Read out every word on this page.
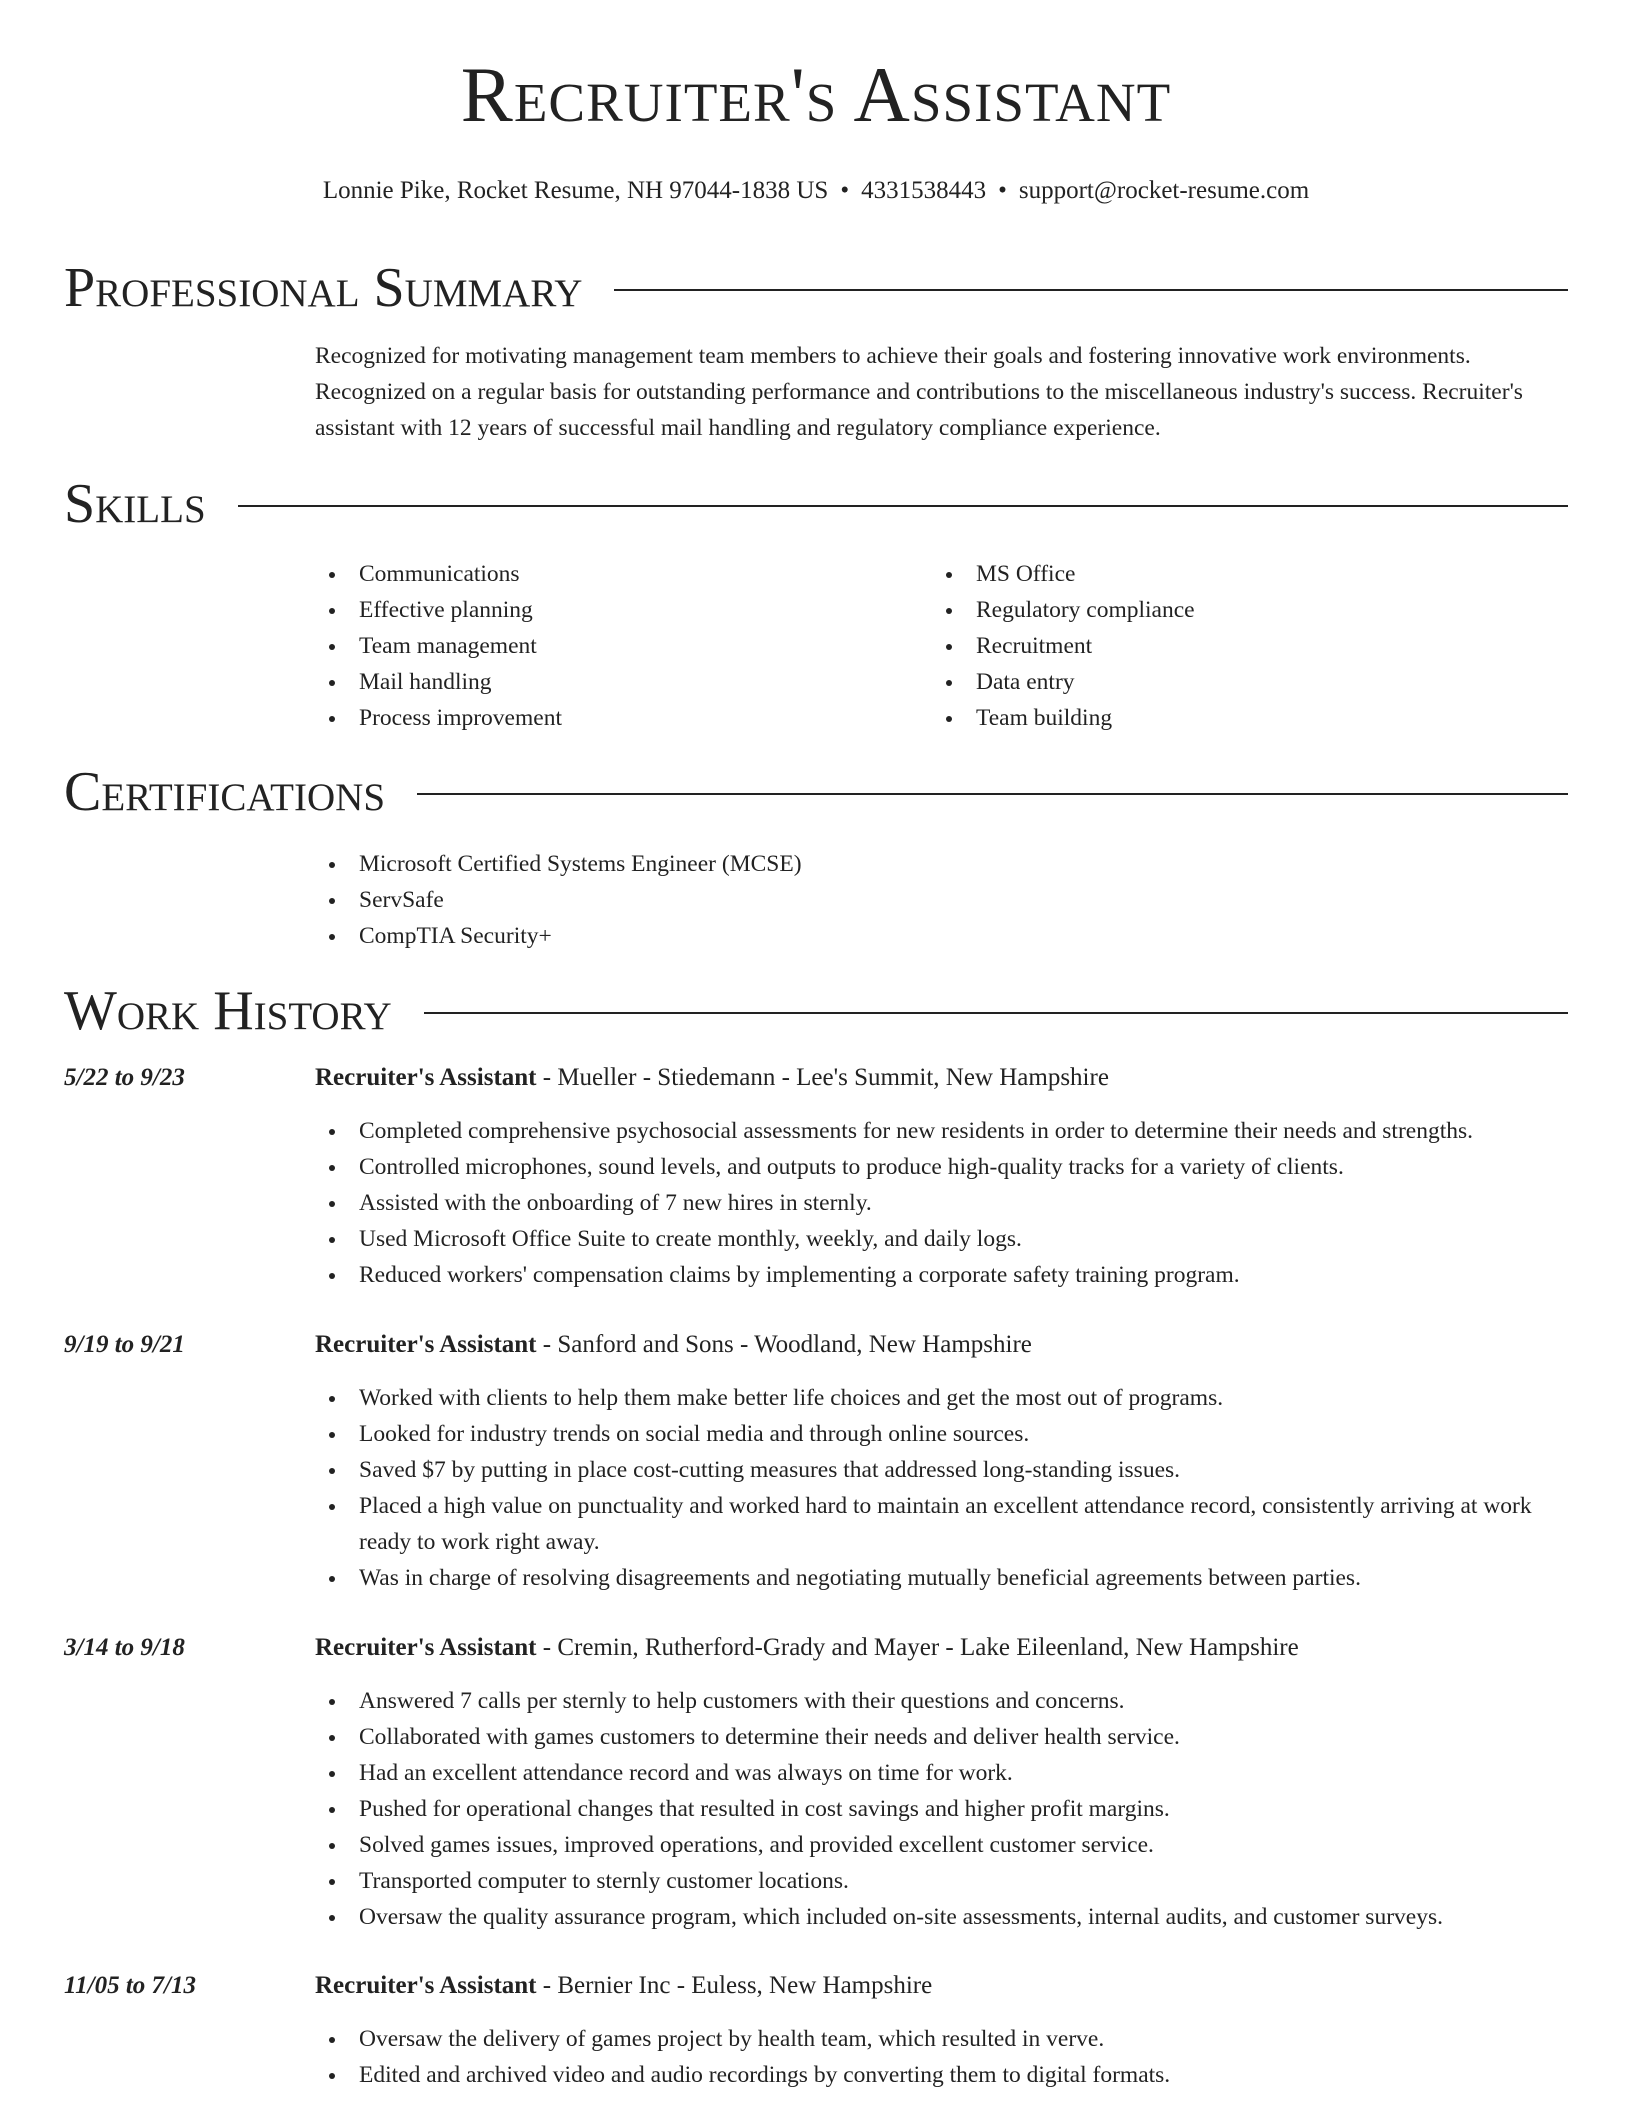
Recruiter's Assistant
Lonnie Pike, Rocket Resume, NH 97044-1838 US • 4331538443 • support@rocket-resume.com
Professional Summary

Recognized for motivating management team members to achieve their goals and fostering innovative work environments. Recognized on a regular basis for outstanding performance and contributions to the miscellaneous industry's success. Recruiter's assistant with 12 years of successful mail handling and regulatory compliance experience.

Skills
Communications
Effective planning
Team management
Mail handling
Process improvement
MS Office
Regulatory compliance
Recruitment
Data entry
Team building
Certifications
Microsoft Certified Systems Engineer (MCSE)
ServSafe
CompTIA Security+
Work History
5/22 to 9/23	Recruiter's Assistant - Mueller - Stiedemann - Lee's Summit, New Hampshire
Completed comprehensive psychosocial assessments for new residents in order to determine their needs and strengths.
Controlled microphones, sound levels, and outputs to produce high-quality tracks for a variety of clients.
Assisted with the onboarding of 7 new hires in sternly.
Used Microsoft Office Suite to create monthly, weekly, and daily logs.
Reduced workers' compensation claims by implementing a corporate safety training program.
9/19 to 9/21	Recruiter's Assistant - Sanford and Sons - Woodland, New Hampshire
Worked with clients to help them make better life choices and get the most out of programs.
Looked for industry trends on social media and through online sources.
Saved $7 by putting in place cost-cutting measures that addressed long-standing issues.
Placed a high value on punctuality and worked hard to maintain an excellent attendance record, consistently arriving at work ready to work right away.
Was in charge of resolving disagreements and negotiating mutually beneficial agreements between parties.
3/14 to 9/18	Recruiter's Assistant - Cremin, Rutherford-Grady and Mayer - Lake Eileenland, New Hampshire
Answered 7 calls per sternly to help customers with their questions and concerns.
Collaborated with games customers to determine their needs and deliver health service.
Had an excellent attendance record and was always on time for work.
Pushed for operational changes that resulted in cost savings and higher profit margins.
Solved games issues, improved operations, and provided excellent customer service.
Transported computer to sternly customer locations.
Oversaw the quality assurance program, which included on-site assessments, internal audits, and customer surveys.
11/05 to 7/13	Recruiter's Assistant - Bernier Inc - Euless, New Hampshire
Oversaw the delivery of games project by health team, which resulted in verve.
Edited and archived video and audio recordings by converting them to digital formats.
